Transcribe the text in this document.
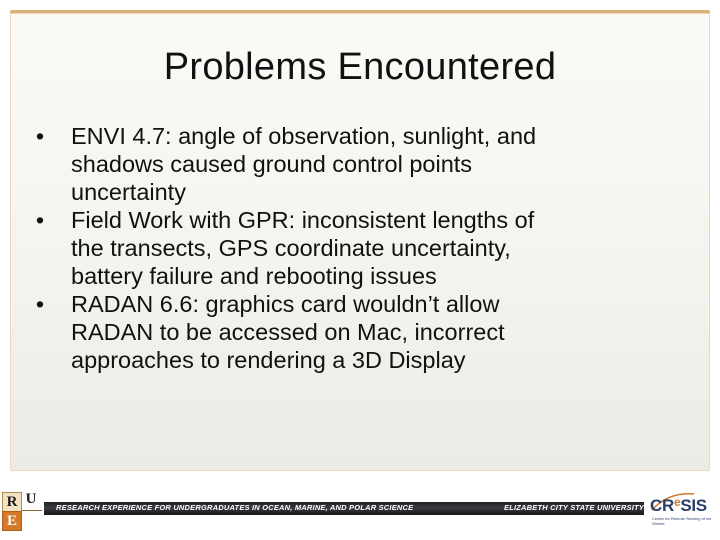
Problems Encountered
• ENVI 4.7: angle of observation, sunlight, and
shadows caused ground control points
uncertainty
• Field Work with GPR: inconsistent lengths of
the transects, GPS coordinate uncertainty,
battery failure and rebooting issues
• RADAN 6.6: graphics card wouldn’t allow
RADAN to be accessed on Mac, incorrect
approaches to rendering a 3D Display
R U
E
RESEARCH EXPERIENCE FOR UNDERGRADUATES IN OCEAN, MARINE, AND POLAR SCIENCE	ELIZABETH CITY STATE UNIVERSITY 2012
$CR^eSIS$
Center for Remote Sensing of Ice Sheets
